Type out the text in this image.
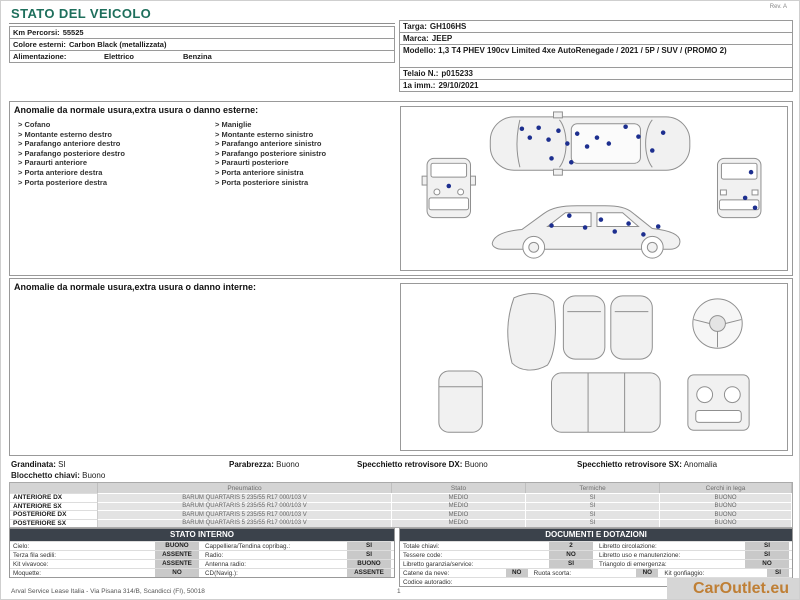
STATO DEL VEICOLO	Rev. A
Km Percorsi: 55525
Colore esterni: Carbon Black (metallizzata)
Alimentazione:	Elettrico	Benzina
Targa: GH106HS
Marca: JEEP
Modello: 1,3 T4 PHEV 190cv Limited 4xe AutoRenegade / 2021 / 5P / SUV / (PROMO 2)
Telaio N.: p015233
1a imm.: 29/10/2021
Anomalie da normale usura,extra usura o danno esterne:
> Cofano
> Montante esterno destro
> Parafango anteriore destro
> Parafango posteriore destro
> Paraurti anteriore
> Porta anteriore destra
> Porta posteriore destra
> Maniglie
> Montante esterno sinistro
> Parafango anteriore sinistro
> Parafango posteriore sinistro
> Paraurti posteriore
> Porta anteriore sinistra
> Porta posteriore sinistra
Anomalie da normale usura,extra usura o danno interne:
Grandinata: SI	Parabrezza: Buono	Specchietto retrovisore DX: Buono	Specchietto retrovisore SX: Anomalia
Blocchetto chiavi: Buono
Pneumatico	Stato	Termiche	Cerchi in lega
ANTERIORE DX	BARUM QUARTARIS 5 235/55 R17 000/103 V	MEDIO	SI	BUONO
ANTERIORE SX	BARUM QUARTARIS 5 235/55 R17 000/103 V	MEDIO	SI	BUONO
POSTERIORE DX	BARUM QUARTARIS 5 235/55 R17 000/103 V	MEDIO	SI	BUONO
POSTERIORE SX	BARUM QUARTARIS 5 235/55 R17 000/103 V	MEDIO	SI	BUONO
STATO INTERNO
Cielo:	BUONO	Cappelliera/Tendina copribag.:	SI
Terza fila sedili:	ASSENTE	Radio:	SI
Kit vivavoce:	ASSENTE	Antenna radio:	BUONO
Moquette:	NO	CD(Navig.):	ASSENTE
DOCUMENTI E DOTAZIONI
Totale chiavi:	2	Libretto circolazione:	SI
Tessere code:	NO	Libretto uso e manutenzione:	SI
Libretto garanzia/service:	SI	Triangolo di emergenza:	NO
Catene da neve:	NO	Ruota scorta:	NO	Kit gonfiaggio:	SI
Codice autoradio:
Arval Service Lease Italia - Via Pisana 314/B, Scandicci (FI), 50018	1	CarOutlet.eu
